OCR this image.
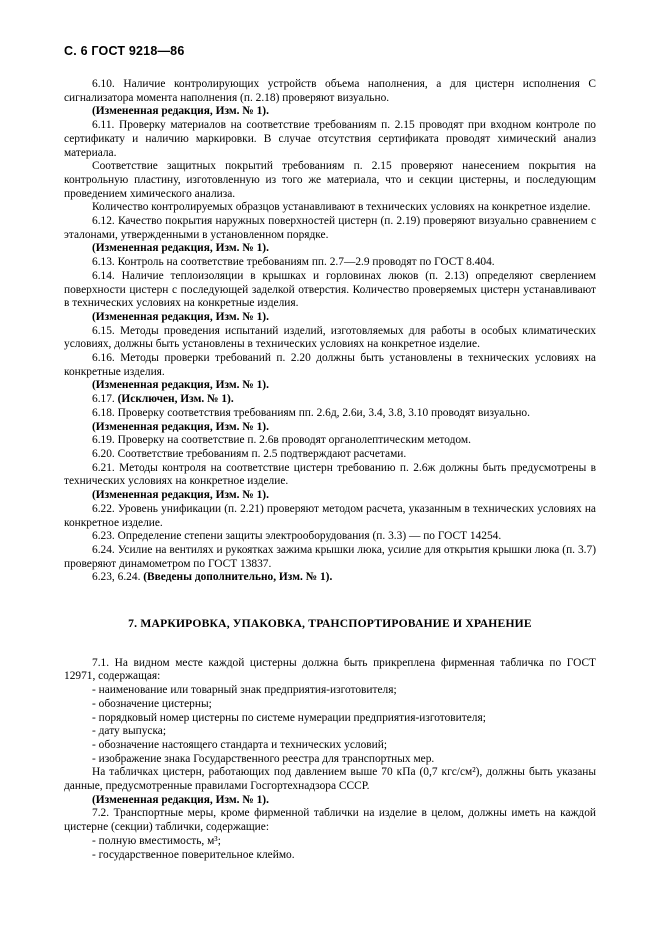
С. 6 ГОСТ 9218—86

6.10. Наличие контролирующих устройств объема наполнения, а для цистерн исполнения С сигнализатора момента наполнения (п. 2.18) проверяют визуально.

(Измененная редакция, Изм. № 1).

6.11. Проверку материалов на соответствие требованиям п. 2.15 проводят при входном контроле по сертификату и наличию маркировки. В случае отсутствия сертификата проводят химический анализ материала.

Соответствие защитных покрытий требованиям п. 2.15 проверяют нанесением покрытия на контрольную пластину, изготовленную из того же материала, что и секции цистерны, и последующим проведением химического анализа.

Количество контролируемых образцов устанавливают в технических условиях на конкретное изделие.

6.12. Качество покрытия наружных поверхностей цистерн (п. 2.19) проверяют визуально сравнением с эталонами, утвержденными в установленном порядке.

(Измененная редакция, Изм. № 1).

6.13. Контроль на соответствие требованиям пп. 2.7—2.9 проводят по ГОСТ 8.404.

6.14. Наличие теплоизоляции в крышках и горловинах люков (п. 2.13) определяют сверлением поверхности цистерн с последующей заделкой отверстия. Количество проверяемых цистерн устанавливают в технических условиях на конкретные изделия.

(Измененная редакция, Изм. № 1).

6.15. Методы проведения испытаний изделий, изготовляемых для работы в особых климатических условиях, должны быть установлены в технических условиях на конкретное изделие.

6.16. Методы проверки требований п. 2.20 должны быть установлены в технических условиях на конкретные изделия.

(Измененная редакция, Изм. № 1).

6.17. (Исключен, Изм. № 1).

6.18. Проверку соответствия требованиям пп. 2.6д, 2.6и, 3.4, 3.8, 3.10 проводят визуально.

(Измененная редакция, Изм. № 1).

6.19. Проверку на соответствие п. 2.6в проводят органолептическим методом.

6.20. Соответствие требованиям п. 2.5 подтверждают расчетами.

6.21. Методы контроля на соответствие цистерн требованию п. 2.6ж должны быть предусмотрены в технических условиях на конкретное изделие.

(Измененная редакция, Изм. № 1).

6.22. Уровень унификации (п. 2.21) проверяют методом расчета, указанным в технических условиях на конкретное изделие.

6.23. Определение степени защиты электрооборудования (п. 3.3) — по ГОСТ 14254.

6.24. Усилие на вентилях и рукоятках зажима крышки люка, усилие для открытия крышки люка (п. 3.7) проверяют динамометром по ГОСТ 13837.

6.23, 6.24. (Введены дополнительно, Изм. № 1).

7. МАРКИРОВКА, УПАКОВКА, ТРАНСПОРТИРОВАНИЕ И ХРАНЕНИЕ

7.1. На видном месте каждой цистерны должна быть прикреплена фирменная табличка по ГОСТ 12971, содержащая:

- наименование или товарный знак предприятия-изготовителя;

- обозначение цистерны;

- порядковый номер цистерны по системе нумерации предприятия-изготовителя;

- дату выпуска;

- обозначение настоящего стандарта и технических условий;

- изображение знака Государственного реестра для транспортных мер.

На табличках цистерн, работающих под давлением выше 70 кПа (0,7 кгс/см²), должны быть указаны данные, предусмотренные правилами Госгортехнадзора СССР.

(Измененная редакция, Изм. № 1).

7.2. Транспортные меры, кроме фирменной таблички на изделие в целом, должны иметь на каждой цистерне (секции) таблички, содержащие:

- полную вместимость, м³;

- государственное поверительное клеймо.
